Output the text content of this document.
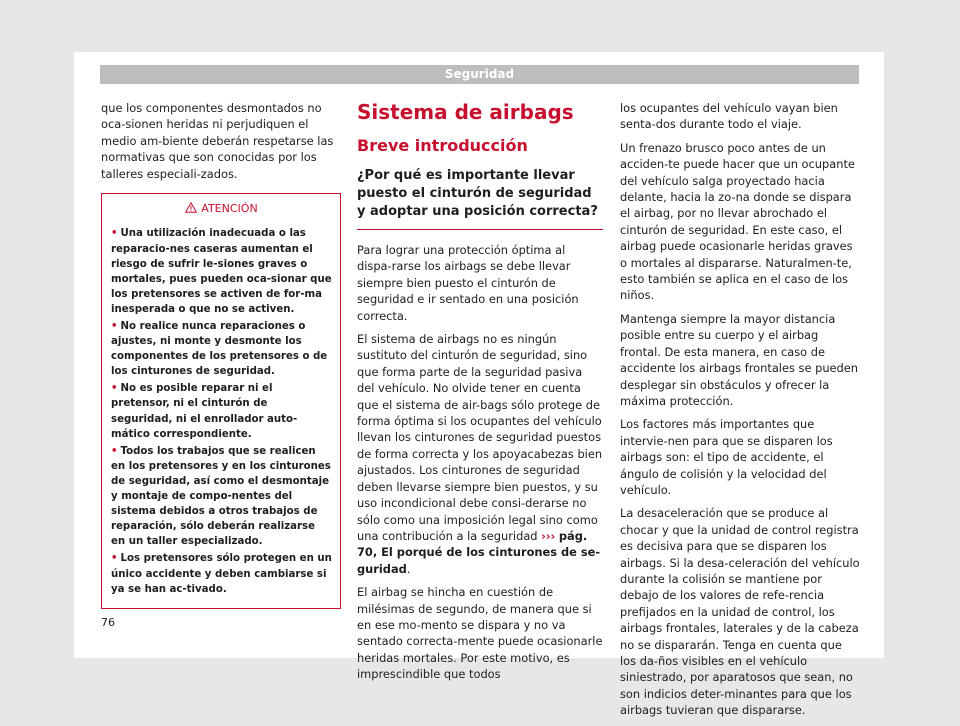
Seguridad

que los componentes desmontados no oca-sionen heridas ni perjudiquen el medio am-biente deberán respetarse las normativas que son conocidas por los talleres especiali-zados.

ATENCIÓN
• Una utilización inadecuada o las reparacio-nes caseras aumentan el riesgo de sufrir le-siones graves o mortales, pues pueden oca-sionar que los pretensores se activen de for-ma inesperada o que no se activen.
• No realice nunca reparaciones o ajustes, ni monte y desmonte los componentes de los pretensores o de los cinturones de seguridad.
• No es posible reparar ni el pretensor, ni el cinturón de seguridad, ni el enrollador auto-mático correspondiente.
• Todos los trabajos que se realicen en los pretensores y en los cinturones de seguridad, así como el desmontaje y montaje de compo-nentes del sistema debidos a otros trabajos de reparación, sólo deberán realizarse en un taller especializado.
• Los pretensores sólo protegen en un único accidente y deben cambiarse si ya se han ac-tivado.
Sistema de airbags
Breve introducción
¿Por qué es importante llevar puesto el cinturón de seguridad y adoptar una posición correcta?

Para lograr una protección óptima al dispa-rarse los airbags se debe llevar siempre bien puesto el cinturón de seguridad e ir sentado en una posición correcta.

El sistema de airbags no es ningún sustituto del cinturón de seguridad, sino que forma parte de la seguridad pasiva del vehículo. No olvide tener en cuenta que el sistema de air-bags sólo protege de forma óptima si los ocupantes del vehículo llevan los cinturones de seguridad puestos de forma correcta y los apoyacabezas bien ajustados. Los cinturones de seguridad deben llevarse siempre bien puestos, y su uso incondicional debe consi-derarse no sólo como una imposición legal sino como una contribución a la seguridad ››› pág. 70, El porqué de los cinturones de se-guridad.

El airbag se hincha en cuestión de milésimas de segundo, de manera que si en ese mo-mento se dispara y no va sentado correcta-mente puede ocasionarle heridas mortales. Por este motivo, es imprescindible que todos

los ocupantes del vehículo vayan bien senta-dos durante todo el viaje.

Un frenazo brusco poco antes de un acciden-te puede hacer que un ocupante del vehículo salga proyectado hacia delante, hacia la zo-na donde se dispara el airbag, por no llevar abrochado el cinturón de seguridad. En este caso, el airbag puede ocasionarle heridas graves o mortales al dispararse. Naturalmen-te, esto también se aplica en el caso de los niños.

Mantenga siempre la mayor distancia posible entre su cuerpo y el airbag frontal. De esta manera, en caso de accidente los airbags frontales se pueden desplegar sin obstáculos y ofrecer la máxima protección.

Los factores más importantes que intervie-nen para que se disparen los airbags son: el tipo de accidente, el ángulo de colisión y la velocidad del vehículo.

La desaceleración que se produce al chocar y que la unidad de control registra es decisiva para que se disparen los airbags. Si la desa-celeración del vehículo durante la colisión se mantiene por debajo de los valores de refe-rencia prefijados en la unidad de control, los airbags frontales, laterales y de la cabeza no se dispararán. Tenga en cuenta que los da-ños visibles en el vehículo siniestrado, por aparatosos que sean, no son indicios deter-minantes para que los airbags tuvieran que dispararse.

76
